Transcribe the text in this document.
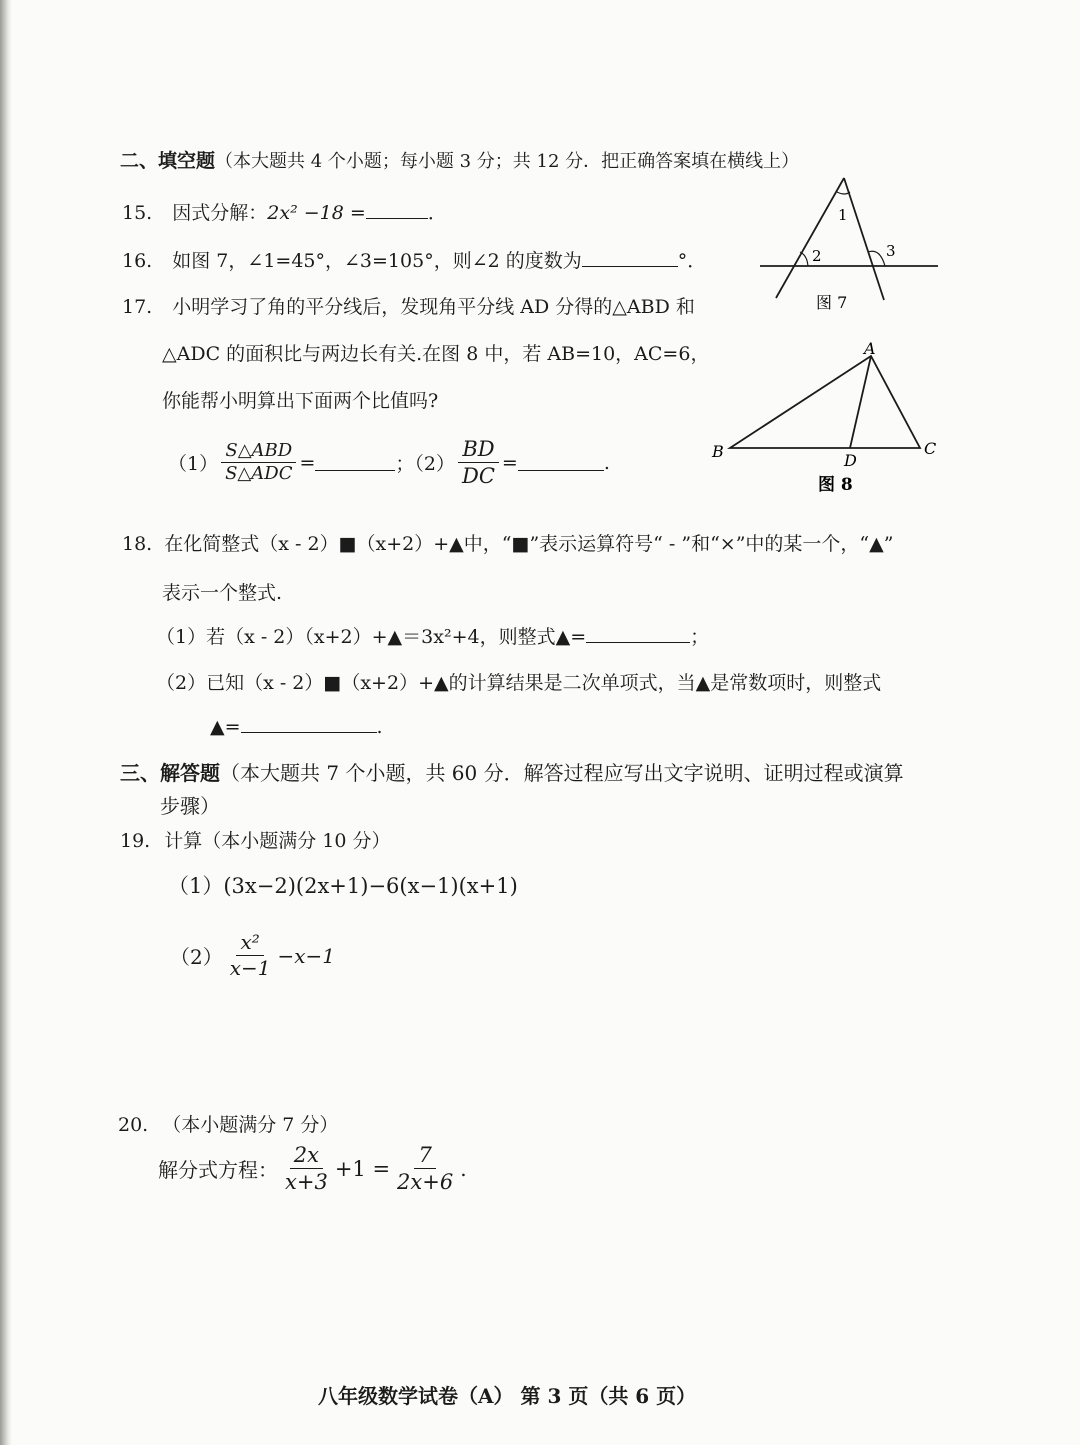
二、填空题（本大题共 4 个小题；每小题 3 分；共 12 分．把正确答案填在横线上）
15. 因式分解：2x² −18 =	．
16. 如图 7，∠1=45°，∠3=105°，则∠2 的度数为	°．
1
2	3
图 7
17. 小明学习了角的平分线后，发现角平分线 AD 分得的△ABD 和
△ADC 的面积比与两边长有关.在图 8 中，若 AB=10，AC=6，
你能帮小明算出下面两个比值吗?
$(1) \frac{\text{S△ABD}}{\text{S△ADC}}$ =	；$(2) \frac{BD}{DC}$ =	.
A
B	D
C
图 8
18. 在化简整式（x - 2）■（x+2）+▲中，“■”表示运算符号“ - ”和“×”中的某一个，“▲”
表示一个整式.
（1）若（x - 2）（x+2）+▲＝3x²+4，则整式▲=	；
（2）已知（x - 2）■（x+2）+▲的计算结果是二次单项式，当▲是常数项时，则整式
▲=	.
三、解答题（本大题共 7 个小题，共 60 分．解答过程应写出文字说明、证明过程或演算
步骤）
19. 计算（本小题满分 10 分）
（1）(3x−2)(2x+1)−6(x−1)(x+1)
$(2) \frac{\text{x²}}{x-1} -x-1$
20. （本小题满分 7 分）
解分式方程： $\frac{2x}{x+3} +1 = \frac{7}{2x+6}$ .
八年级数学试卷（A） 第 3 页（共 6 页）
